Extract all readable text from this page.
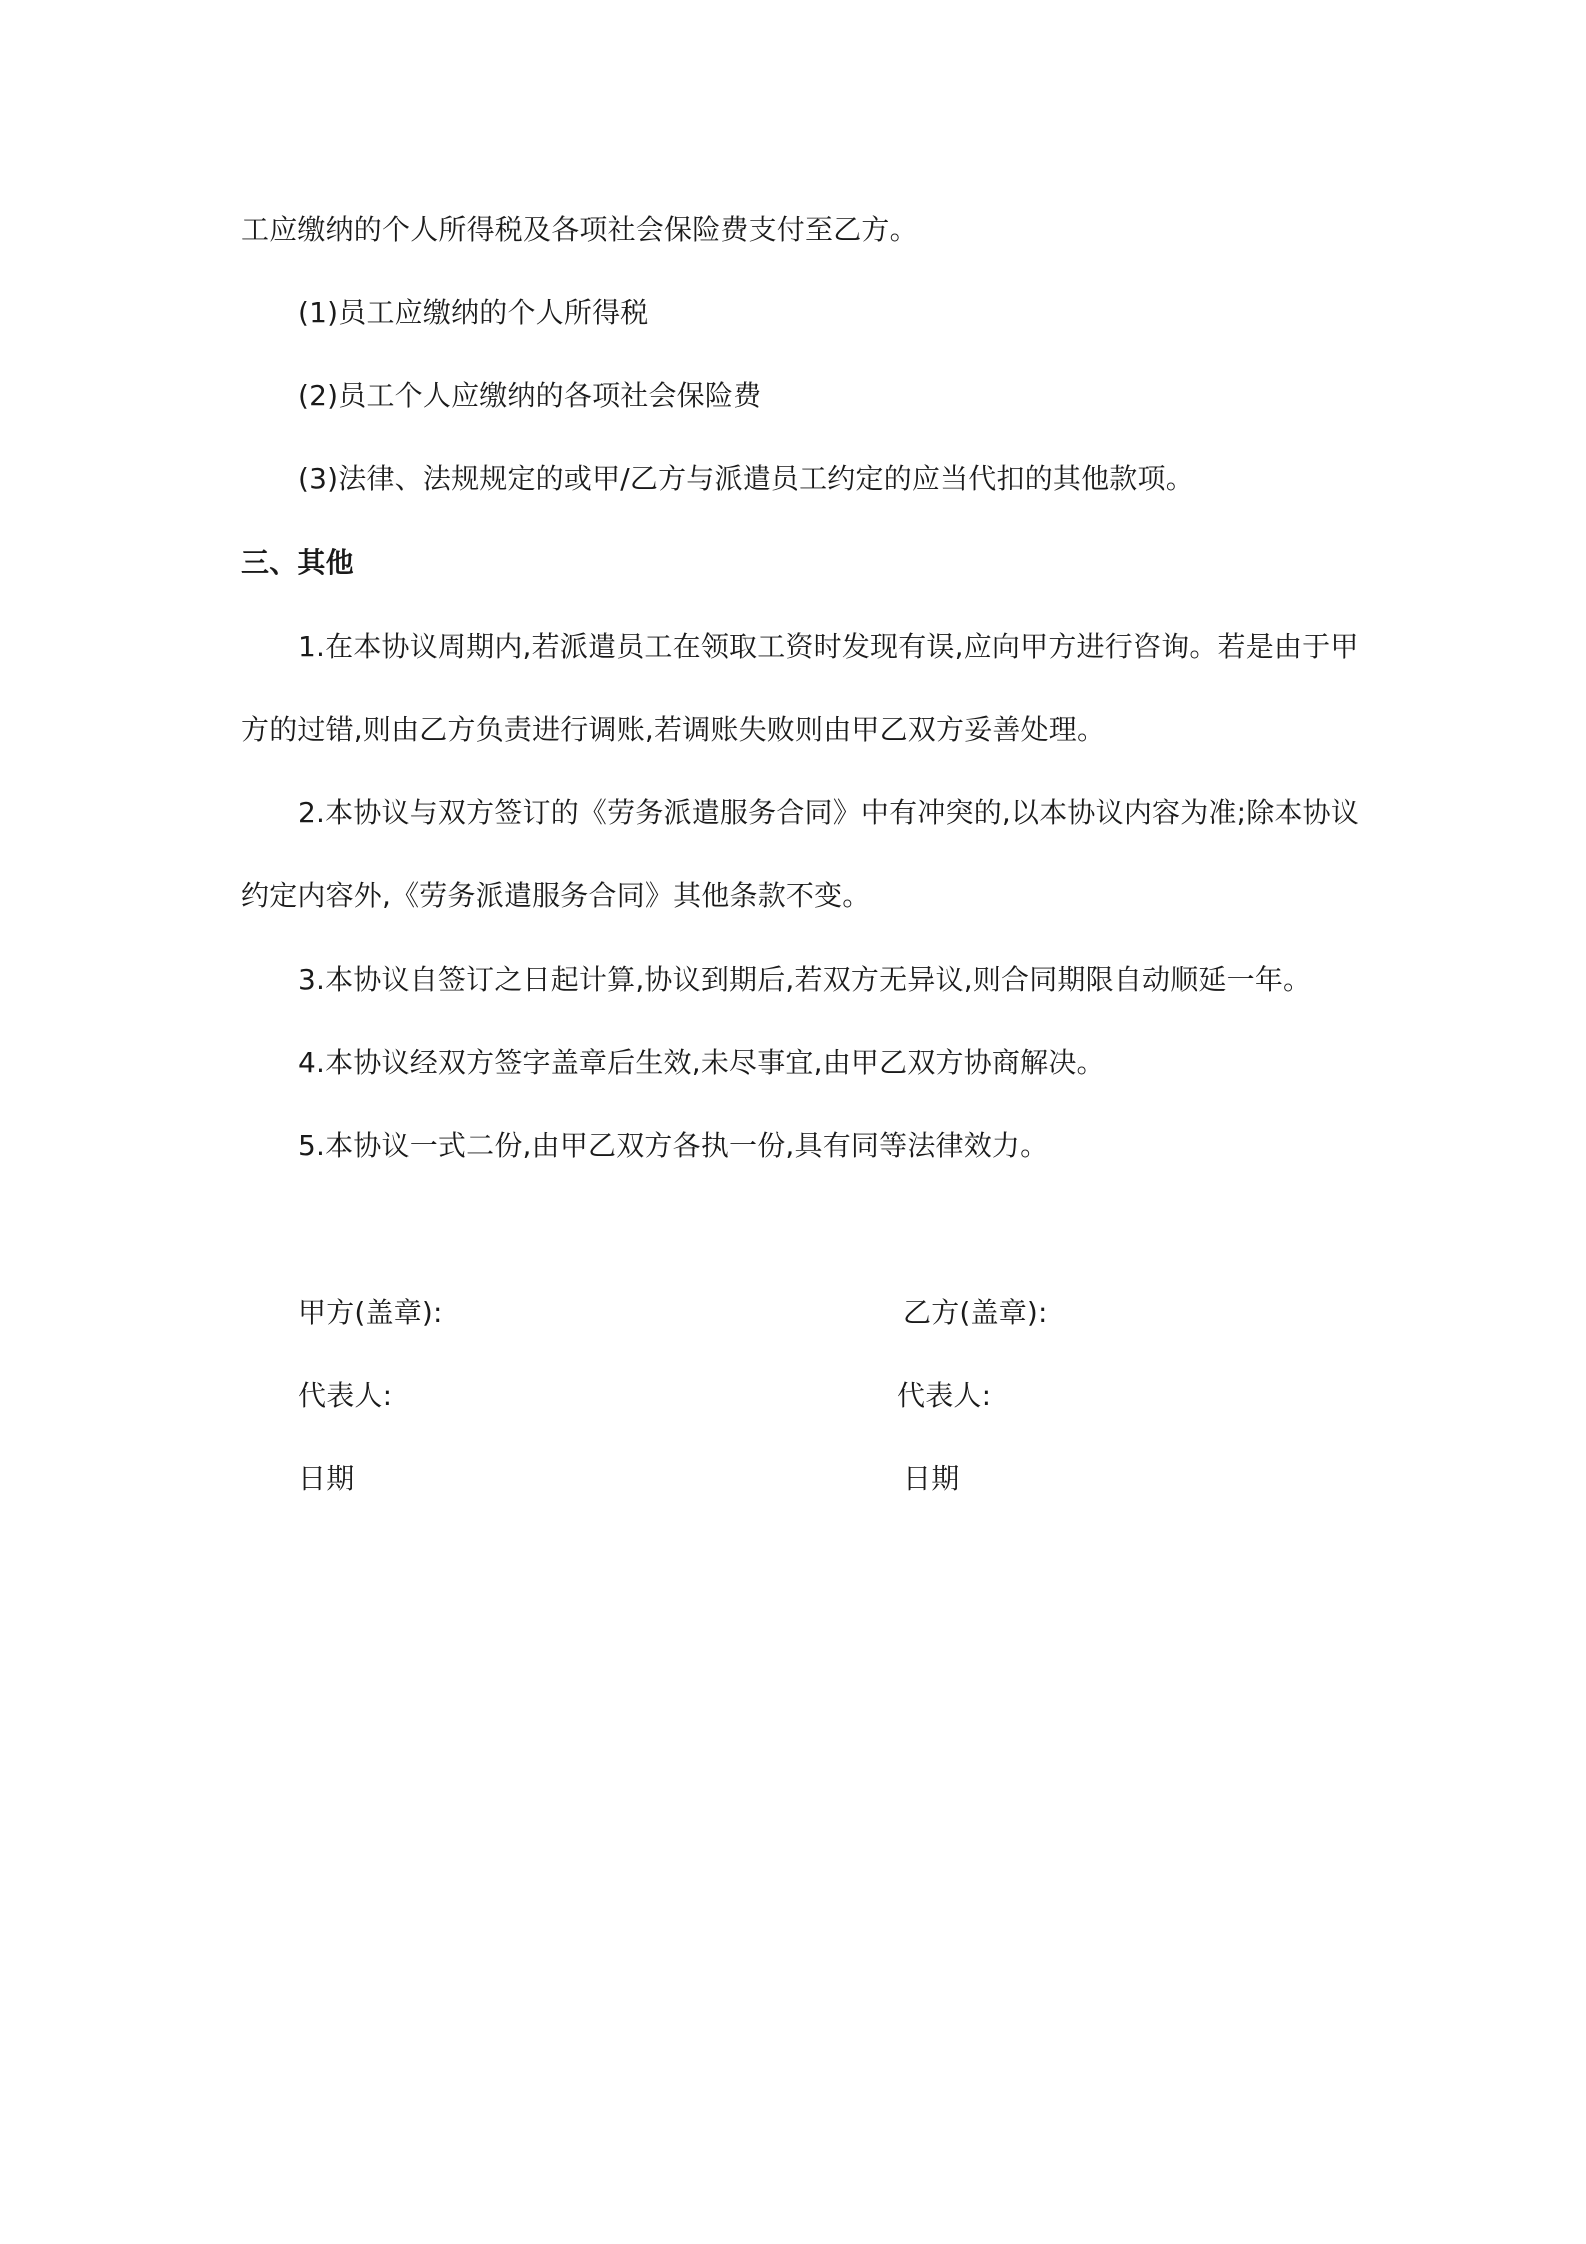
工应缴纳的个人所得税及各项社会保险费支付至乙方。
(1)员工应缴纳的个人所得税
(2)员工个人应缴纳的各项社会保险费
(3)法律、法规规定的或甲/乙方与派遣员工约定的应当代扣的其他款项。
三、其他
1.在本协议周期内,若派遣员工在领取工资时发现有误,应向甲方进行咨询。若是由于甲
方的过错,则由乙方负责进行调账,若调账失败则由甲乙双方妥善处理。
2.本协议与双方签订的《劳务派遣服务合同》中有冲突的,以本协议内容为准;除本协议
约定内容外,《劳务派遣服务合同》其他条款不变。
3.本协议自签订之日起计算,协议到期后,若双方无异议,则合同期限自动顺延一年。
4.本协议经双方签字盖章后生效,未尽事宜,由甲乙双方协商解决。
5.本协议一式二份,由甲乙双方各执一份,具有同等法律效力。
甲方(盖章):	乙方(盖章):
代表人:	代表人:
日期	日期
